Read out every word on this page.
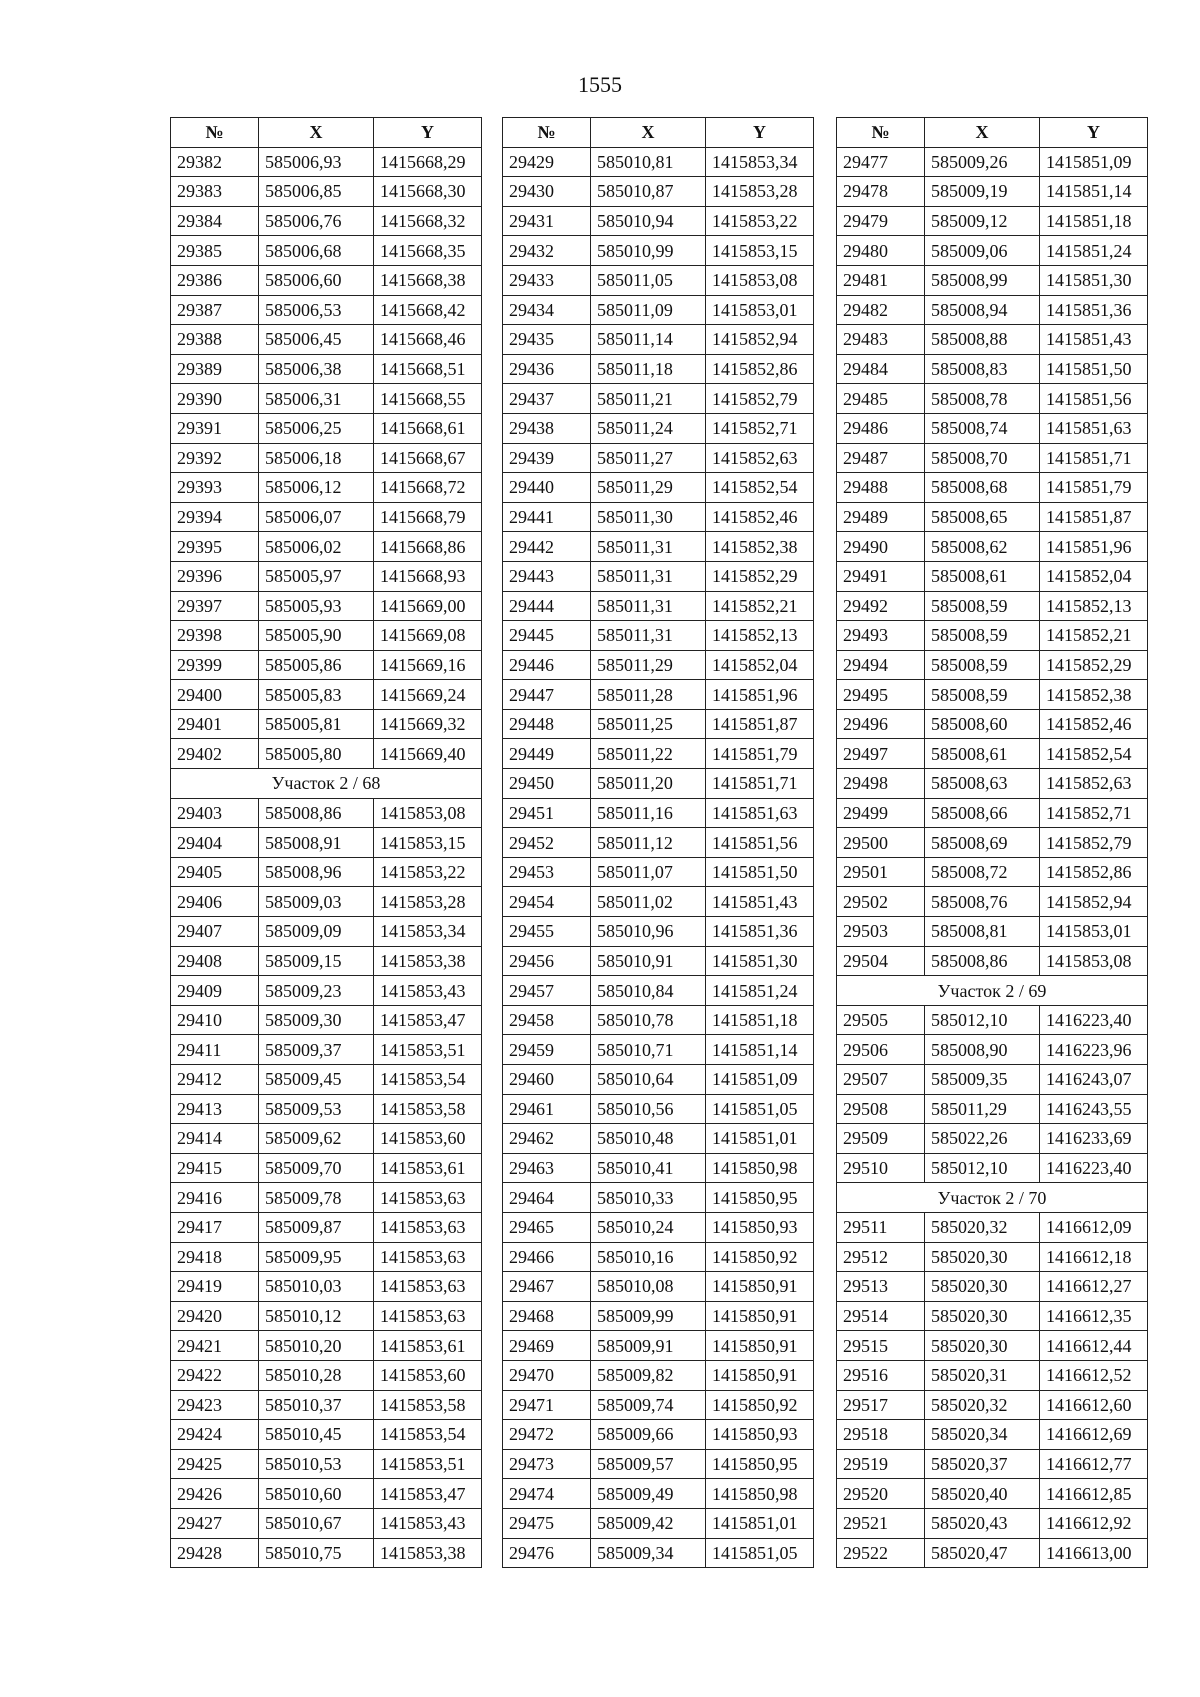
1555
№	X	Y
29382	585006,93	1415668,29
29383	585006,85	1415668,30
29384	585006,76	1415668,32
29385	585006,68	1415668,35
29386	585006,60	1415668,38
29387	585006,53	1415668,42
29388	585006,45	1415668,46
29389	585006,38	1415668,51
29390	585006,31	1415668,55
29391	585006,25	1415668,61
29392	585006,18	1415668,67
29393	585006,12	1415668,72
29394	585006,07	1415668,79
29395	585006,02	1415668,86
29396	585005,97	1415668,93
29397	585005,93	1415669,00
29398	585005,90	1415669,08
29399	585005,86	1415669,16
29400	585005,83	1415669,24
29401	585005,81	1415669,32
29402	585005,80	1415669,40
Участок 2 / 68		
29403	585008,86	1415853,08
29404	585008,91	1415853,15
29405	585008,96	1415853,22
29406	585009,03	1415853,28
29407	585009,09	1415853,34
29408	585009,15	1415853,38
29409	585009,23	1415853,43
29410	585009,30	1415853,47
29411	585009,37	1415853,51
29412	585009,45	1415853,54
29413	585009,53	1415853,58
29414	585009,62	1415853,60
29415	585009,70	1415853,61
29416	585009,78	1415853,63
29417	585009,87	1415853,63
29418	585009,95	1415853,63
29419	585010,03	1415853,63
29420	585010,12	1415853,63
29421	585010,20	1415853,61
29422	585010,28	1415853,60
29423	585010,37	1415853,58
29424	585010,45	1415853,54
29425	585010,53	1415853,51
29426	585010,60	1415853,47
29427	585010,67	1415853,43
29428	585010,75	1415853,38
№	X	Y
29429	585010,81	1415853,34
29430	585010,87	1415853,28
29431	585010,94	1415853,22
29432	585010,99	1415853,15
29433	585011,05	1415853,08
29434	585011,09	1415853,01
29435	585011,14	1415852,94
29436	585011,18	1415852,86
29437	585011,21	1415852,79
29438	585011,24	1415852,71
29439	585011,27	1415852,63
29440	585011,29	1415852,54
29441	585011,30	1415852,46
29442	585011,31	1415852,38
29443	585011,31	1415852,29
29444	585011,31	1415852,21
29445	585011,31	1415852,13
29446	585011,29	1415852,04
29447	585011,28	1415851,96
29448	585011,25	1415851,87
29449	585011,22	1415851,79
29450	585011,20	1415851,71
29451	585011,16	1415851,63
29452	585011,12	1415851,56
29453	585011,07	1415851,50
29454	585011,02	1415851,43
29455	585010,96	1415851,36
29456	585010,91	1415851,30
29457	585010,84	1415851,24
29458	585010,78	1415851,18
29459	585010,71	1415851,14
29460	585010,64	1415851,09
29461	585010,56	1415851,05
29462	585010,48	1415851,01
29463	585010,41	1415850,98
29464	585010,33	1415850,95
29465	585010,24	1415850,93
29466	585010,16	1415850,92
29467	585010,08	1415850,91
29468	585009,99	1415850,91
29469	585009,91	1415850,91
29470	585009,82	1415850,91
29471	585009,74	1415850,92
29472	585009,66	1415850,93
29473	585009,57	1415850,95
29474	585009,49	1415850,98
29475	585009,42	1415851,01
29476	585009,34	1415851,05
№	X	Y
29477	585009,26	1415851,09
29478	585009,19	1415851,14
29479	585009,12	1415851,18
29480	585009,06	1415851,24
29481	585008,99	1415851,30
29482	585008,94	1415851,36
29483	585008,88	1415851,43
29484	585008,83	1415851,50
29485	585008,78	1415851,56
29486	585008,74	1415851,63
29487	585008,70	1415851,71
29488	585008,68	1415851,79
29489	585008,65	1415851,87
29490	585008,62	1415851,96
29491	585008,61	1415852,04
29492	585008,59	1415852,13
29493	585008,59	1415852,21
29494	585008,59	1415852,29
29495	585008,59	1415852,38
29496	585008,60	1415852,46
29497	585008,61	1415852,54
29498	585008,63	1415852,63
29499	585008,66	1415852,71
29500	585008,69	1415852,79
29501	585008,72	1415852,86
29502	585008,76	1415852,94
29503	585008,81	1415853,01
29504	585008,86	1415853,08
Участок 2 / 69		
29505	585012,10	1416223,40
29506	585008,90	1416223,96
29507	585009,35	1416243,07
29508	585011,29	1416243,55
29509	585022,26	1416233,69
29510	585012,10	1416223,40
Участок 2 / 70		
29511	585020,32	1416612,09
29512	585020,30	1416612,18
29513	585020,30	1416612,27
29514	585020,30	1416612,35
29515	585020,30	1416612,44
29516	585020,31	1416612,52
29517	585020,32	1416612,60
29518	585020,34	1416612,69
29519	585020,37	1416612,77
29520	585020,40	1416612,85
29521	585020,43	1416612,92
29522	585020,47	1416613,00
